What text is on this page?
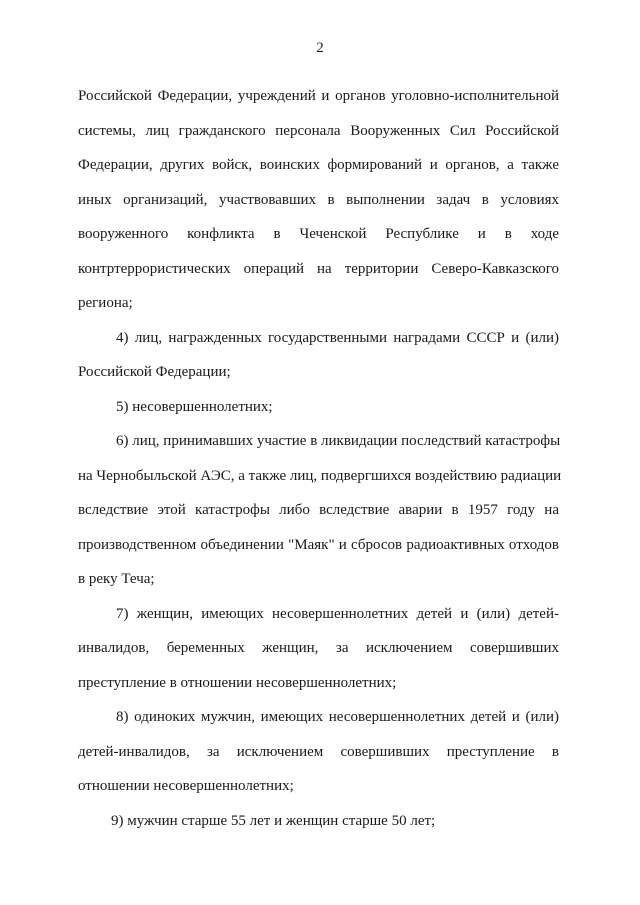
2
Российской Федерации, учреждений и органов уголовно-исполнительной
системы, лиц гражданского персонала Вооруженных Сил Российской
Федерации, других войск, воинских формирований и органов, а также
иных организаций, участвовавших в выполнении задач в условиях
вооруженного конфликта в Чеченской Республике и в ходе
контртеррористических операций на территории Северо-Кавказского
региона;
4) лиц, награжденных государственными наградами СССР и (или)
Российской Федерации;
5) несовершеннолетних;
6) лиц, принимавших участие в ликвидации последствий катастрофы
на Чернобыльской АЭС, а также лиц, подвергшихся воздействию радиации
вследствие этой катастрофы либо вследствие аварии в 1957 году на
производственном объединении "Маяк" и сбросов радиоактивных отходов
в реку Теча;
7) женщин, имеющих несовершеннолетних детей и (или) детей-
инвалидов, беременных женщин, за исключением совершивших
преступление в отношении несовершеннолетних;
8) одиноких мужчин, имеющих несовершеннолетних детей и (или)
детей-инвалидов, за исключением совершивших преступление в
отношении несовершеннолетних;
9) мужчин старше 55 лет и женщин старше 50 лет;
